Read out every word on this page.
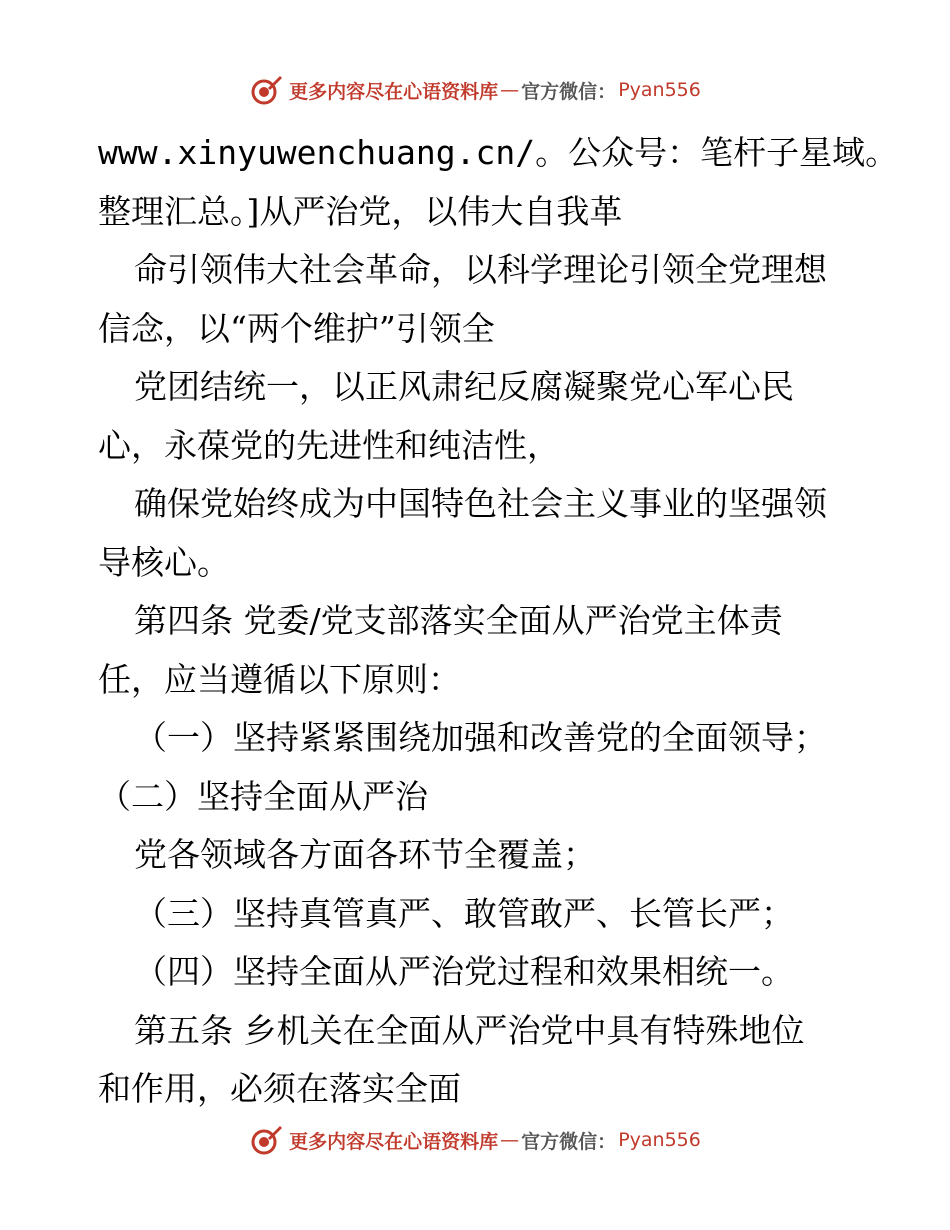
更多内容尽在心语资料库 — 官方微信： Pyan556
www.xinyuwenchuang.cn/。公众号：笔杆子星域。
整理汇总。]从严治党，以伟大自我革
命引领伟大社会革命，以科学理论引领全党理想
信念，以“两个维护”引领全
党团结统一，以正风肃纪反腐凝聚党心军心民
心，永葆党的先进性和纯洁性，
确保党始终成为中国特色社会主义事业的坚强领
导核心。
第四条 党委/党支部落实全面从严治党主体责
任，应当遵循以下原则：
（一）坚持紧紧围绕加强和改善党的全面领导；
（二）坚持全面从严治
党各领域各方面各环节全覆盖；
（三）坚持真管真严、敢管敢严、长管长严；
（四）坚持全面从严治党过程和效果相统一。
第五条 乡机关在全面从严治党中具有特殊地位
和作用，必须在落实全面
更多内容尽在心语资料库 — 官方微信： Pyan556
